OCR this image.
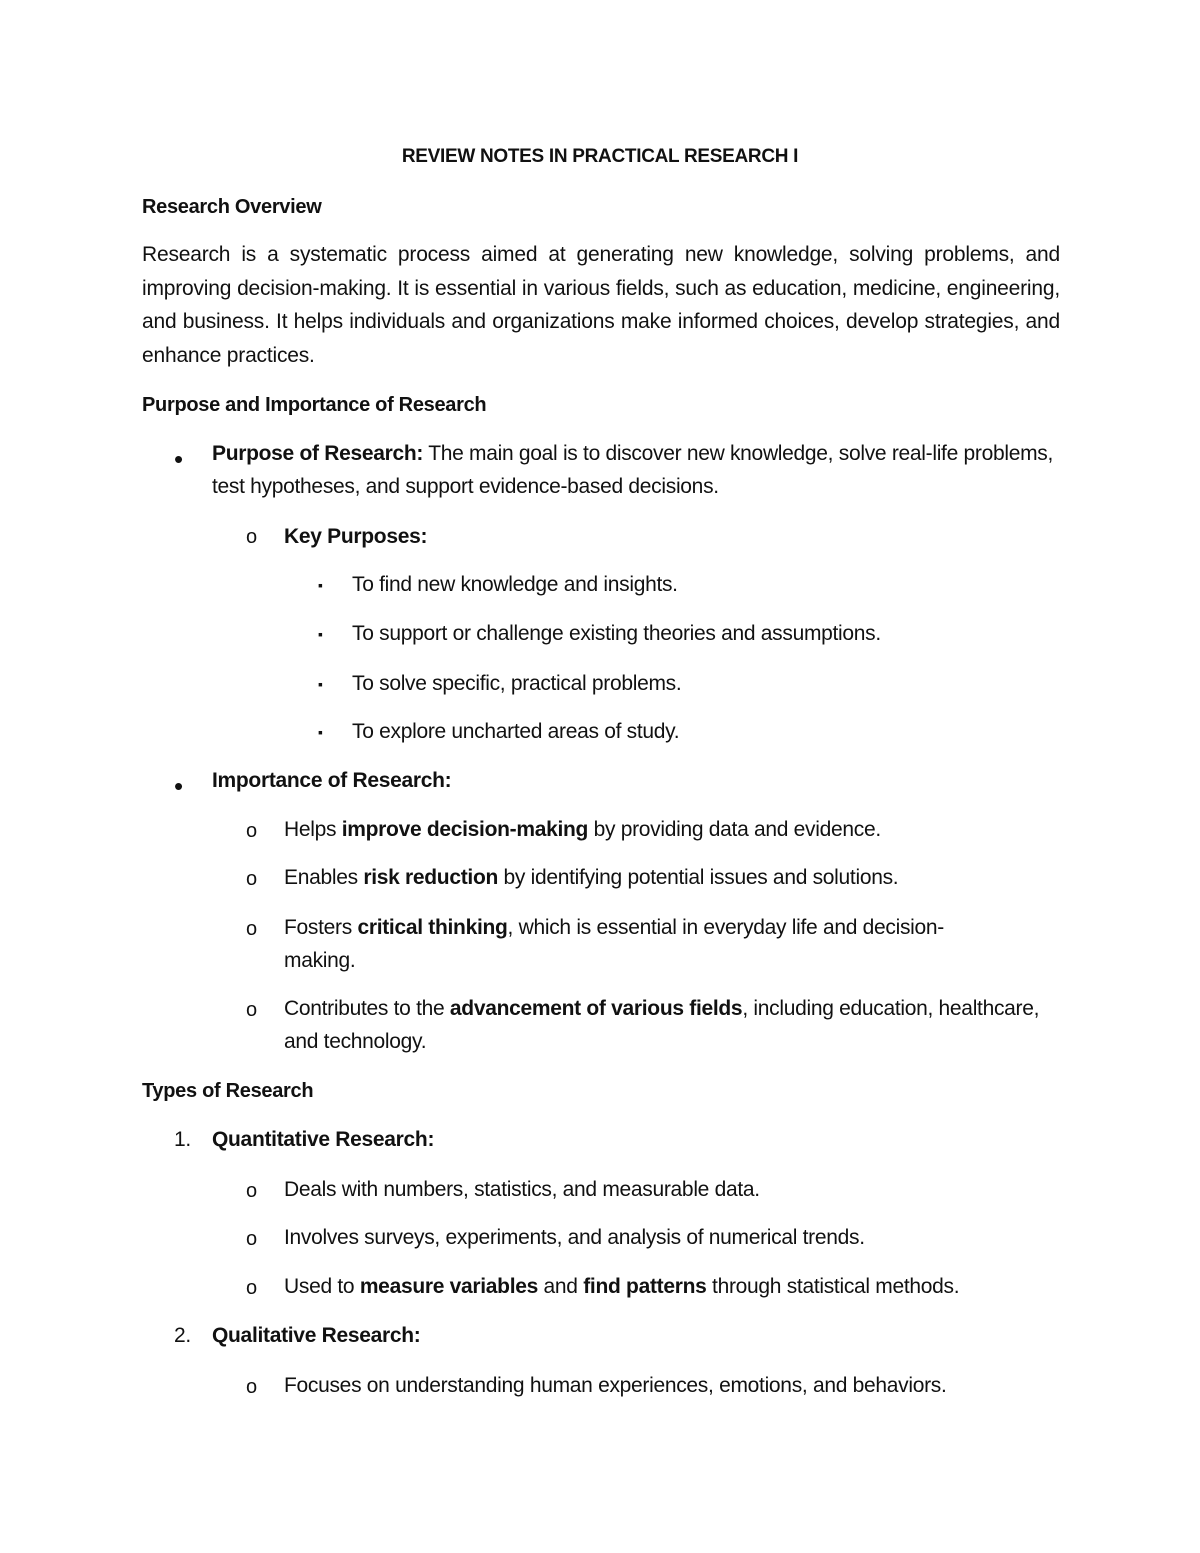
REVIEW NOTES IN PRACTICAL RESEARCH I
Research Overview
Research is a systematic process aimed at generating new knowledge, solving problems, and improving decision-making. It is essential in various fields, such as education, medicine, engineering, and business. It helps individuals and organizations make informed choices, develop strategies, and enhance practices.
Purpose and Importance of Research
• Purpose of Research: The main goal is to discover new knowledge, solve real-life problems, test hypotheses, and support evidence-based decisions.
o Key Purposes:
▪ To find new knowledge and insights.
▪ To support or challenge existing theories and assumptions.
▪ To solve specific, practical problems.
▪ To explore uncharted areas of study.
• Importance of Research:
o Helps improve decision-making by providing data and evidence.
o Enables risk reduction by identifying potential issues and solutions.
o Fosters critical thinking, which is essential in everyday life and decision-making.
o Contributes to the advancement of various fields, including education, healthcare, and technology.
Types of Research
1. Quantitative Research:
o Deals with numbers, statistics, and measurable data.
o Involves surveys, experiments, and analysis of numerical trends.
o Used to measure variables and find patterns through statistical methods.
2. Qualitative Research:
o Focuses on understanding human experiences, emotions, and behaviors.
